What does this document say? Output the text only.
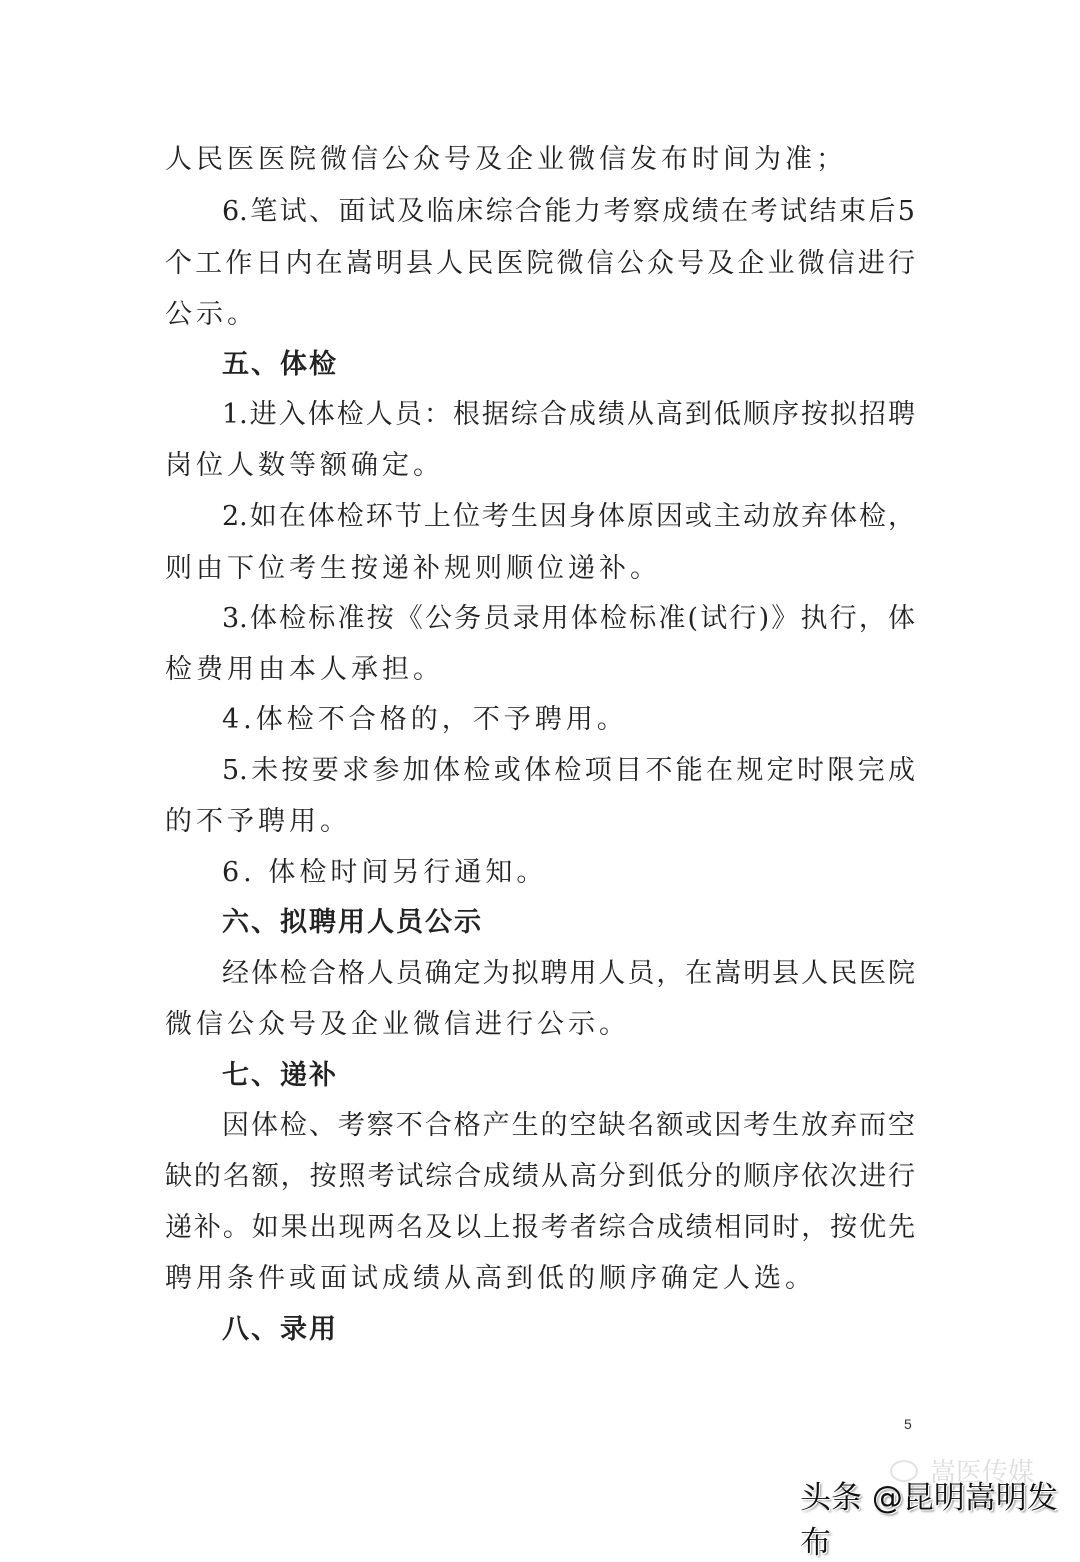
人民医医院微信公众号及企业微信发布时间为准；
6.笔试、面试及临床综合能力考察成绩在考试结束后5
个工作日内在嵩明县人民医院微信公众号及企业微信进行
公示。
五、体检
1.进入体检人员：根据综合成绩从高到低顺序按拟招聘
岗位人数等额确定。
2.如在体检环节上位考生因身体原因或主动放弃体检，
则由下位考生按递补规则顺位递补。
3.体检标准按《公务员录用体检标准(试行)》执行，体
检费用由本人承担。
4.体检不合格的，不予聘用。
5.未按要求参加体检或体检项目不能在规定时限完成
的不予聘用。
6. 体检时间另行通知。
六、拟聘用人员公示
经体检合格人员确定为拟聘用人员，在嵩明县人民医院
微信公众号及企业微信进行公示。
七、递补
因体检、考察不合格产生的空缺名额或因考生放弃而空
缺的名额，按照考试综合成绩从高分到低分的顺序依次进行
递补。如果出现两名及以上报考者综合成绩相同时，按优先
聘用条件或面试成绩从高到低的顺序确定人选。
八、录用
5
嵩医传媒
头条 @昆明嵩明发布
